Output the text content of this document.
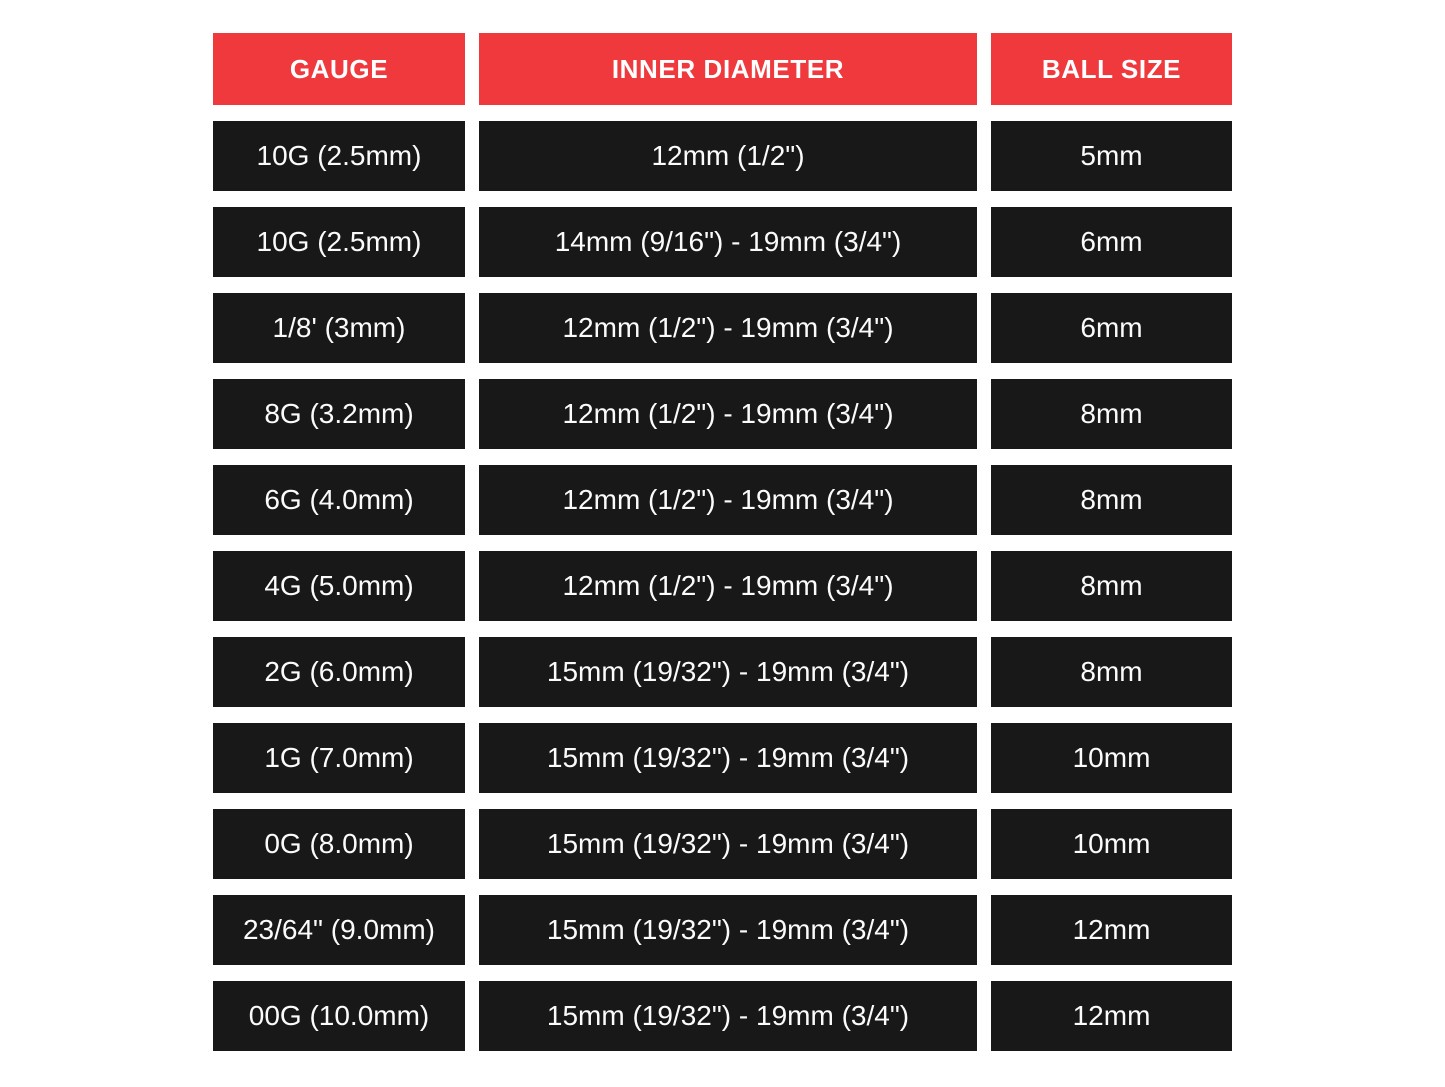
GAUGE	INNER DIAMETER	BALL SIZE
10G (2.5mm)	12mm (1/2")	5mm
10G (2.5mm)	14mm (9/16") - 19mm (3/4")	6mm
1/8' (3mm)	12mm (1/2") - 19mm (3/4")	6mm
8G (3.2mm)	12mm (1/2") - 19mm (3/4")	8mm
6G (4.0mm)	12mm (1/2") - 19mm (3/4")	8mm
4G (5.0mm)	12mm (1/2") - 19mm (3/4")	8mm
2G (6.0mm)	15mm (19/32") - 19mm (3/4")	8mm
1G (7.0mm)	15mm (19/32") - 19mm (3/4")	10mm
0G (8.0mm)	15mm (19/32") - 19mm (3/4")	10mm
23/64" (9.0mm)	15mm (19/32") - 19mm (3/4")	12mm
00G (10.0mm)	15mm (19/32") - 19mm (3/4")	12mm
